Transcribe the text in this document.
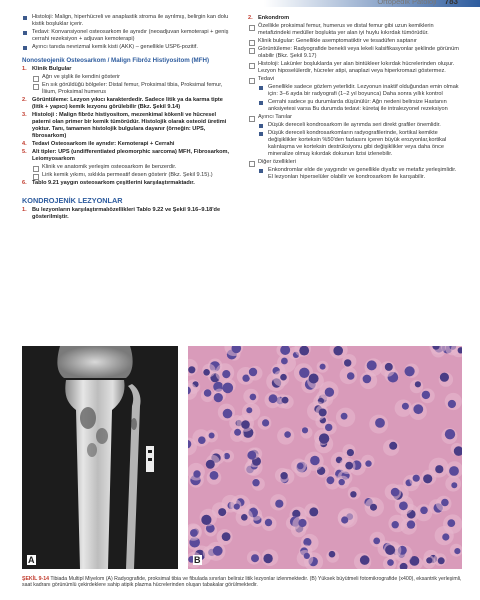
Ortopedik Patoloji 783
Histoloji: Malign, hiperhücreli ve anaplastik stroma ile ayrılmış, belirgin kan dolu kistik boşluklar içerir.
Tedavi: Konvansiyonel osteosarkom ile aynıdır (neoadjuvan kemoterapi + geniş cerrahi rezeksiyon + adjuvan kemoterapi)
Ayırıcı tanıda nevrizmal kemik kisti (AKK) – genellikle USP6-pozitif.
Nonosteojenik Osteosarkom / Malign Fibröz Histiyositom (MFH)
1. Klinik Bulgular
Ağrı ve şişlik ile kendini gösterir
En sık görüldüğü bölgeler: Distal femur, Proksimal tibia, Proksimal femur, İliium, Proksimal humerus
2. Görüntüleme: Lezyon yıkıcı karakterdedir. Sadece litik ya da karma tipte (litik + yapıcı) kemik lezyonu görülebilir (Bkz. Şekil 9.14)
3. Histoloji : Malign fibröz histiyositom, mezenkimal kökenli ve hücresel paterni olan primer bir kemik tümörüdür. Histolojik olarak osteoid üretimi yoktur. Tanı, tamamen histolojik bulgulara dayanır (örneğin: UPS, fibrosarkom)
4. Tedavi Osteosarkom ile aynıdır: Kemoterapi + Cerrahi
5. Alt tipler: UPS (undifferentiated pleomorphic sarcoma) MFH, Fibrosarkom, Leiomyosarkom
Klinik ve anatomik yerleşim osteosarkom ile benzerdir.
Lirik kemik yıkımı, sıklıkla permeatif desen gösterir (Bkz. Şekil 9.15).)
6. Tablo 9.21 yaygın osteosarkom çeşitlerini karşılaştırmaktadır.
KONDROJENİK LEZYONLAR
1. Bu lezyonların karşılaştırmalıözellikleri Tablo 9.22 ve Şekil 9.16–9.18'de gösterilmiştir.
2. Enkondrom
Özellikle proksimal femur, humerus ve distal femur gibi uzun kemiklerin metafizindeki medüller boşlukta yer alan iyi huylu kıkırdak tümörüdür.
Klinik bulgular: Genellikle asemptomatiktir ve tesadüfen saptanır
Görüntüleme: Radyografide benekli veya lekeli kalsifikasyonlar şeklinde görünüm olabilir (Bkz. Şekil 9.17)
Histoloji: Lakünler boşluklarda yer alan bintükleer kıkırdak hücrelerinden oluşur. Lezyon hiposelülerdir, hücreler atipi, anaplazi veya hiperkromazi göstermez.
Tedavi
Genellikle sadece gözlem yeterlidir. Lezyonun inaktif olduğundan emin olmak için: 3–6 ayda bir radyografi (1–2 yıl boyunca) Daha sonra yıllık kontrol
Cerrahi sadece şu durumlarda düşünülür: Ağrı nedeni belirsize Hastanın anksiyetesi varsa Bu durumda tedavi: küretaj ile intralezyonel rezeksiyon
Ayırıcı Tanılar
Düşük dereceli kondrosarkom ile ayrımda seri direkt grafiler önemlidir.
Düşük dereceli kondrosarkomların radyografilerinde, kortikal kemikte değişiklikler korteksin %50'den fazlasını içeren büyük erozyonlar,kortikal kalınlaşma ve korteksin destrüksiyonu gibi değişiklikler veya daha önce mineralize olmuş kıkırdak dokunun lizisi izlenebilir.
Diğer özellikleri
Enkondromlar elde de yaygındır ve genellikle diyafiz ve metafiz yerleşimlidir. El lezyonları hiperselüler olabilir ve kondrosarkom ile karışabilir.
A	B
ŞEKİL 9-14 Tibiada Multipl Miyelom (A) Radyografide, proksimal tibia ve fibulada sınırları belirsiz litik lezyonlar izlenmektedir. (B) Yüksek büyütmeli fotomikrografide (x400), eksantrik yerleşimli, saat kadranı görünümlü çekirdeklere sahip atipik plazma hücrelerinden oluşan tabakalar görülmektedir.
